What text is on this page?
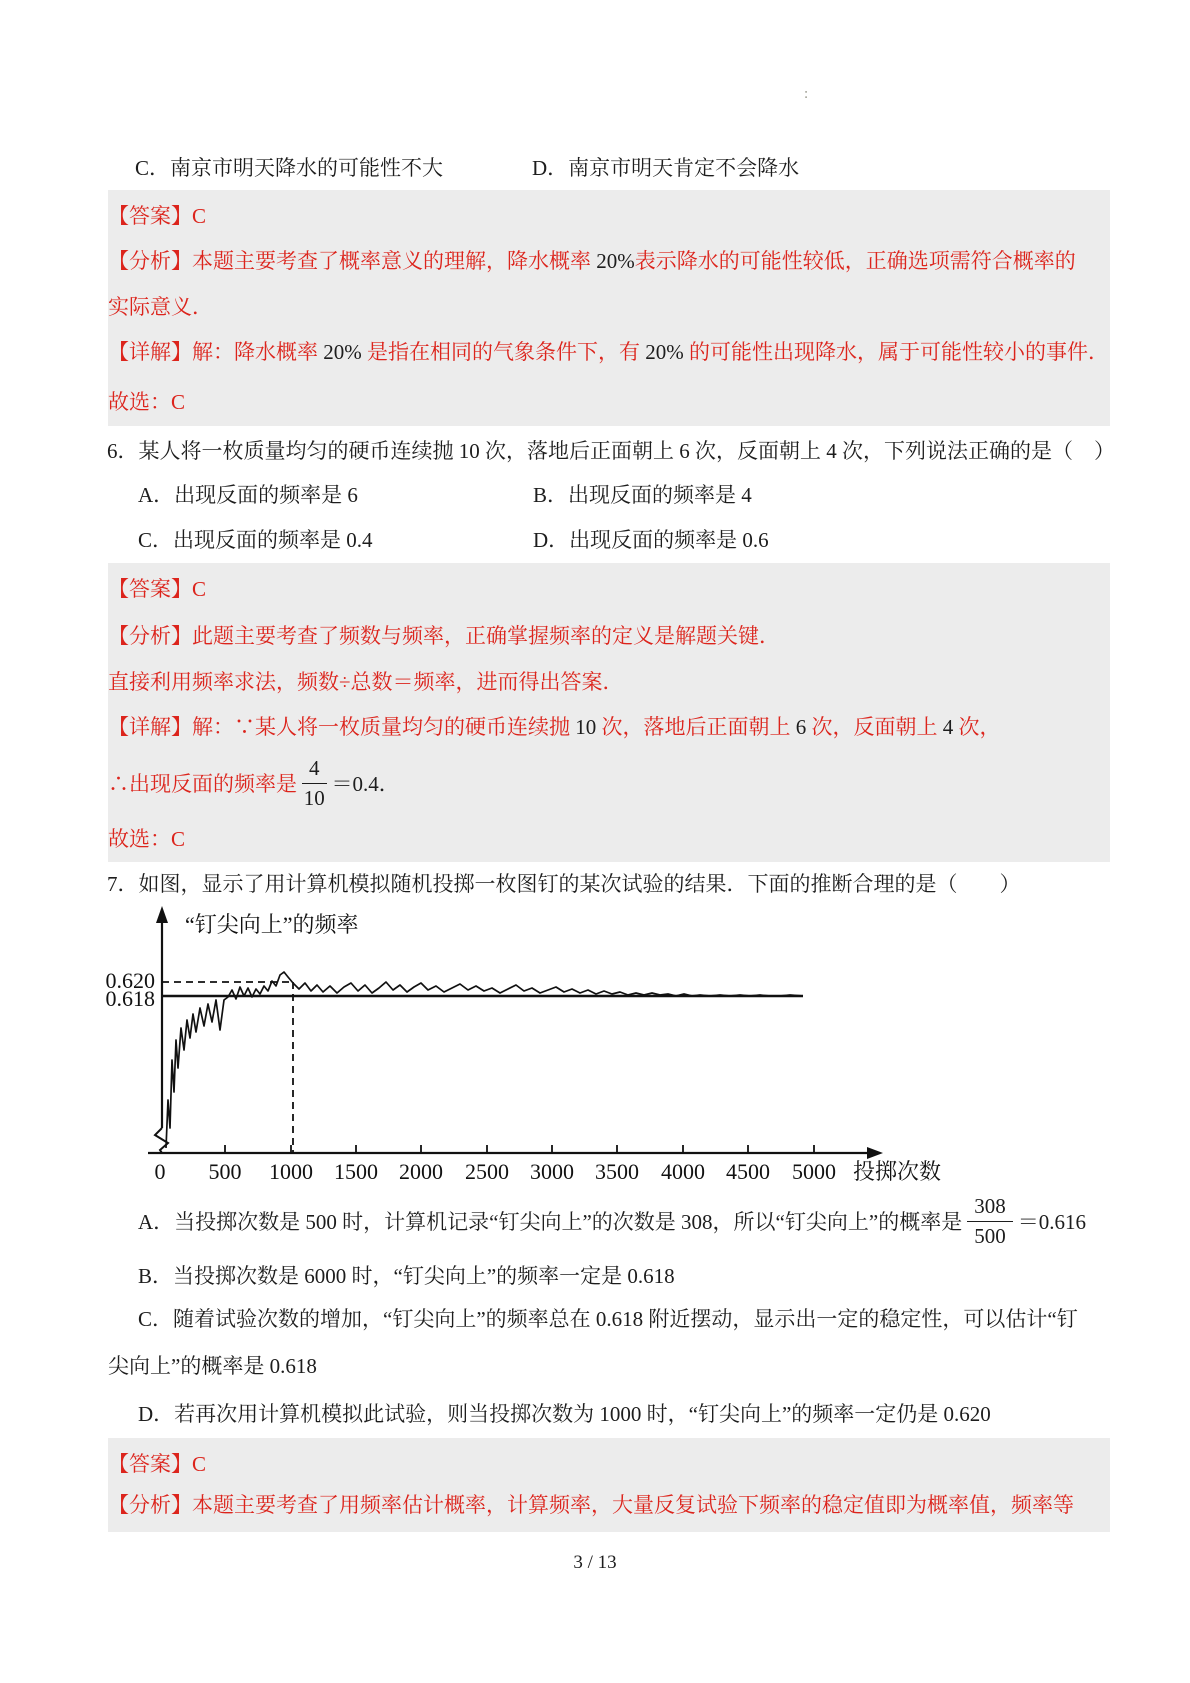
:
C．南京市明天降水的可能性不大	D．南京市明天肯定不会降水
【答案】C
【分析】本题主要考查了概率意义的理解，降水概率 20%表示降水的可能性较低，正确选项需符合概率的
实际意义．
【详解】解：降水概率 20% 是指在相同的气象条件下，有 20% 的可能性出现降水，属于可能性较小的事件．
故选：C
6．某人将一枚质量均匀的硬币连续抛 10 次，落地后正面朝上 6 次，反面朝上 4 次，下列说法正确的是（　）
A．出现反面的频率是 6	B．出现反面的频率是 4
C．出现反面的频率是 0.4	D．出现反面的频率是 0.6
【答案】C
【分析】此题主要考查了频数与频率，正确掌握频率的定义是解题关键．
直接利用频率求法，频数÷总数＝频率，进而得出答案．
【详解】解：∵某人将一枚质量均匀的硬币连续抛 10 次，落地后正面朝上 6 次，反面朝上 4 次，
∴出现反面的频率是 $\frac{4}{10} =0.4$．
故选：C
7．如图，显示了用计算机模拟随机投掷一枚图钉的某次试验的结果．下面的推断合理的是（　　）
“钉尖向上”的频率
0.620
0.618
0	500	1000 1500 2000	2500 3000 3500	4000 4500	5000 投掷次数
A．当投掷次数是 500 时，计算机记录“钉尖向上”的次数是 308，所以“钉尖向上”的概率是 $\frac{308}{500} =0.616$
B．当投掷次数是 6000 时，“钉尖向上”的频率一定是 0.618
C．随着试验次数的增加，“钉尖向上”的频率总在 0.618 附近摆动，显示出一定的稳定性，可以估计“钉
尖向上”的概率是 0.618
D．若再次用计算机模拟此试验，则当投掷次数为 1000 时，“钉尖向上”的频率一定仍是 0.620
【答案】C
【分析】本题主要考查了用频率估计概率，计算频率，大量反复试验下频率的稳定值即为概率值，频率等
3 / 13
